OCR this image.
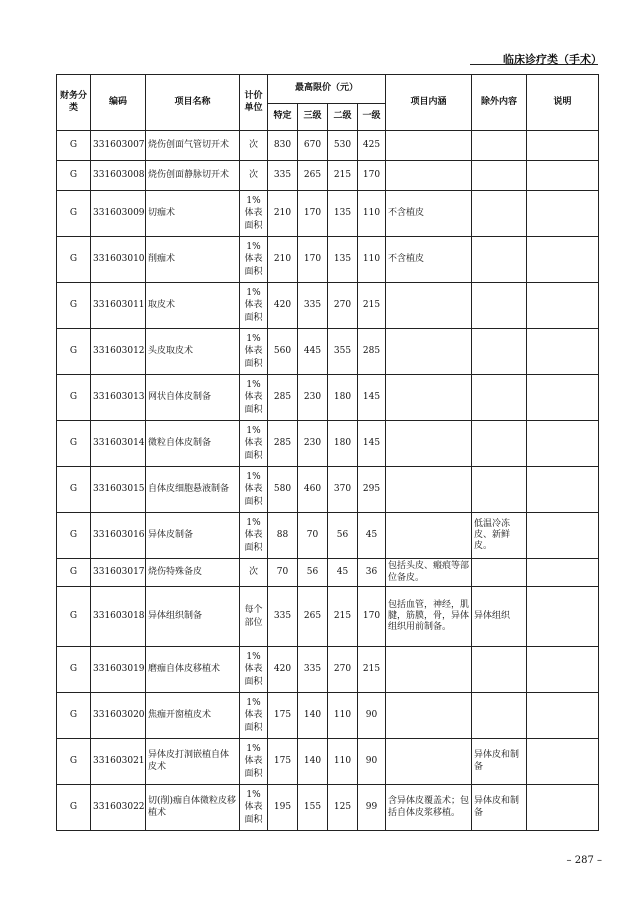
临床诊疗类（手术）
财务分类	编码	项目名称	计价单位	最高限价（元）				项目内涵	除外内容	说明
				特定	三级	二级	一级			
G	331603007	烧伤创面气管切开术	次	830	670	530	425			
G	331603008	烧伤创面静脉切开术	次	335	265	215	170			
G	331603009	切痂术	1%体表面积	210	170	135	110	不含植皮		
G	331603010	削痂术	1%体表面积	210	170	135	110	不含植皮		
G	331603011	取皮术	1%体表面积	420	335	270	215			
G	331603012	头皮取皮术	1%体表面积	560	445	355	285			
G	331603013	网状自体皮制备	1%体表面积	285	230	180	145			
G	331603014	微粒自体皮制备	1%体表面积	285	230	180	145			
G	331603015	自体皮细胞悬液制备	1%体表面积	580	460	370	295			
G	331603016	异体皮制备	1%体表面积	88	70	56	45		低温冷冻皮、新鲜皮。	
G	331603017	烧伤特殊备皮	次	70	56	45	36	包括头皮、瘢痕等部位备皮。		
G	331603018	异体组织制备	每个部位	335	265	215	170	包括血管，神经，肌腱，筋膜，骨，异体组织用前制备。	异体组织	
G	331603019	磨痂自体皮移植术	1%体表面积	420	335	270	215			
G	331603020	焦痂开窗植皮术	1%体表面积	175	140	110	90			
G	331603021	异体皮打洞嵌植自体皮术	1%体表面积	175	140	110	90		异体皮和制备	
G	331603022	切(削)痂自体微粒皮移植术	1%体表面积	195	155	125	99	含异体皮覆盖术；包括自体皮浆移植。	异体皮和制备	
– 287 –
